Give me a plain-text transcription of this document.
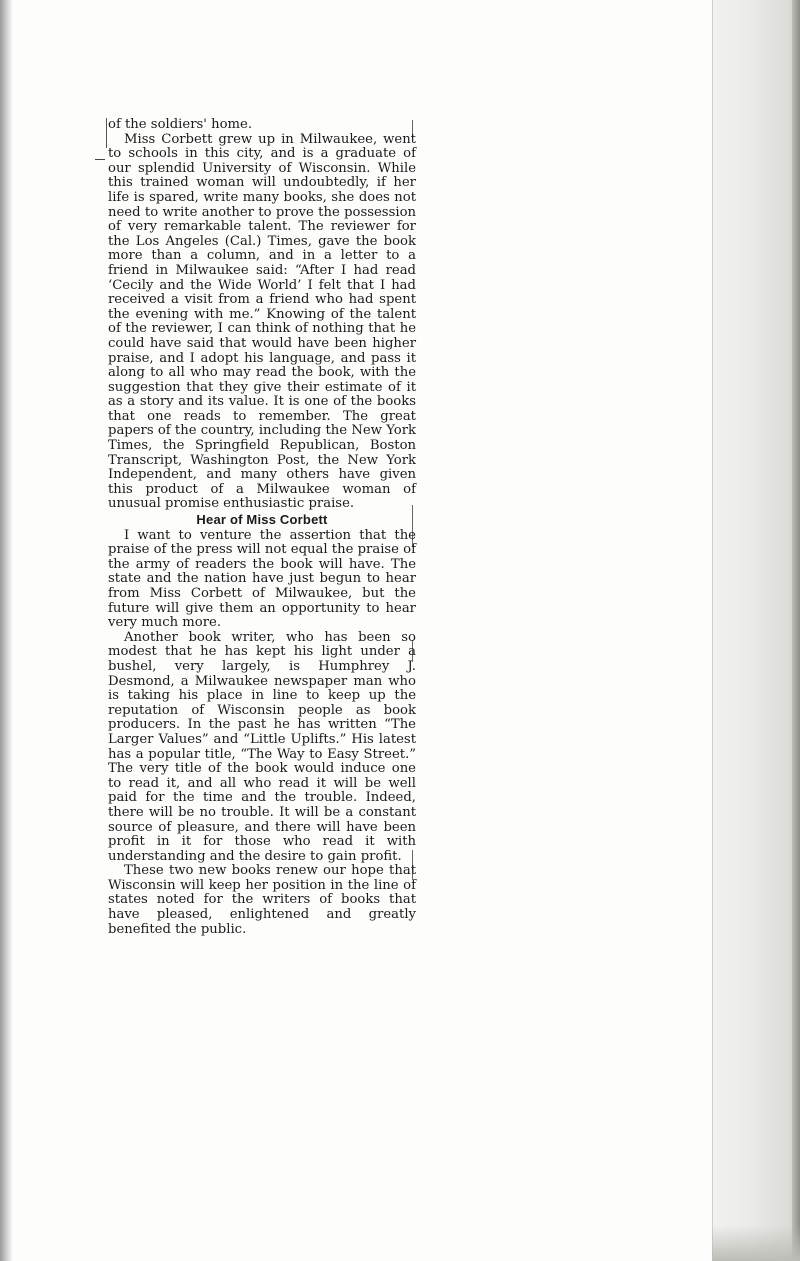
of the soldiers' home.

Miss Corbett grew up in Milwaukee, went to schools in this city, and is a graduate of our splendid University of Wisconsin. While this trained woman will undoubtedly, if her life is spared, write many books, she does not need to write another to prove the possession of very remarkable talent. The reviewer for the Los Angeles (Cal.) Times, gave the book more than a column, and in a letter to a friend in Milwaukee said: “After I had read ‘Cecily and the Wide World’ I felt that I had received a visit from a friend who had spent the evening with me.” Knowing of the talent of the reviewer, I can think of nothing that he could have said that would have been higher praise, and I adopt his language, and pass it along to all who may read the book, with the suggestion that they give their estimate of it as a story and its value. It is one of the books that one reads to remember. The great papers of the country, including the New York Times, the Springfield Republican, Boston Transcript, Washington Post, the New York Independent, and many others have given this product of a Milwaukee woman of unusual promise enthusiastic praise.

Hear of Miss Corbett

I want to venture the assertion that the praise of the press will not equal the praise of the army of readers the book will have. The state and the nation have just begun to hear from Miss Corbett of Milwaukee, but the future will give them an opportunity to hear very much more.

Another book writer, who has been so modest that he has kept his light under a bushel, very largely, is Humphrey J. Desmond, a Milwaukee newspaper man who is taking his place in line to keep up the reputation of Wisconsin people as book producers. In the past he has written “The Larger Values” and “Little Uplifts.” His latest has a popular title, “The Way to Easy Street.” The very title of the book would induce one to read it, and all who read it will be well paid for the time and the trouble. Indeed, there will be no trouble. It will be a constant source of pleasure, and there will have been profit in it for those who read it with understanding and the desire to gain profit.

These two new books renew our hope that Wisconsin will keep her position in the line of states noted for the writers of books that have pleased, enlightened and greatly benefited the public.
